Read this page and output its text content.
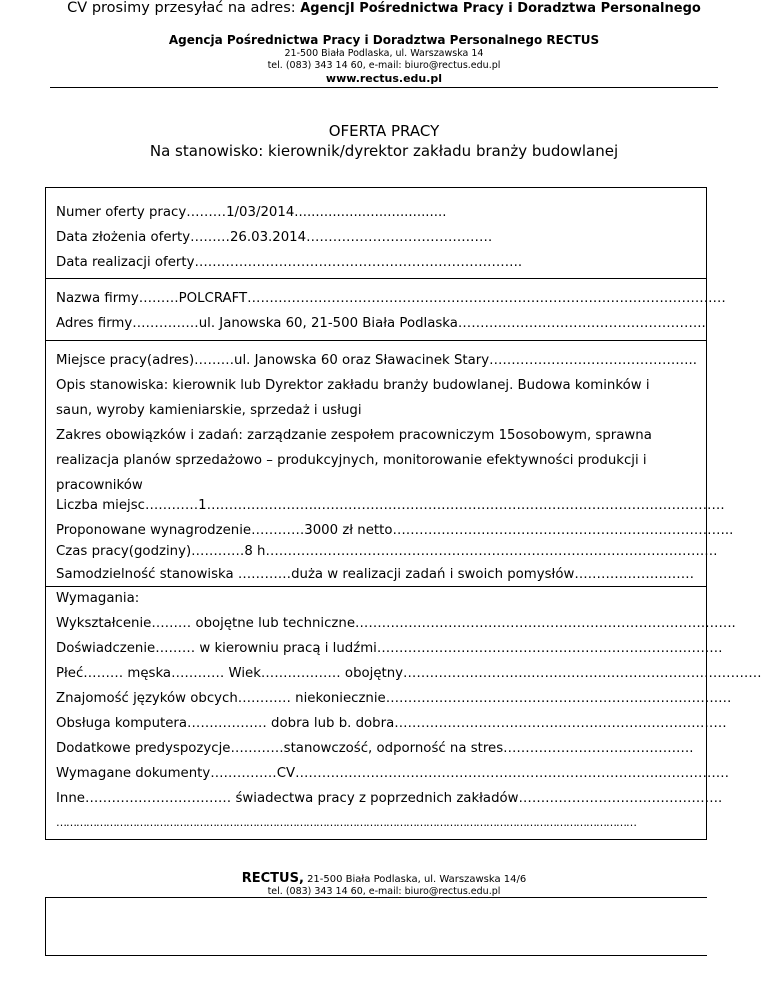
Agencja Pośrednictwa Pracy i Doradztwa Personalnego RECTUS
21-500 Biała Podlaska, ul. Warszawska 14
tel. (083) 343 14 60, e-mail: biuro@rectus.edu.pl
www.rectus.edu.pl
OFERTA PRACY
Na stanowisko: kierownik/dyrektor zakładu branży budowlanej
Numer oferty pracy………1/03/2014....................................
Data złożenia oferty………26.03.2014……………………………………
Data realizacji oferty………………………………………………………………..
Nazwa firmy………POLCRAFT………………………………………………………………………………………………
Adres firmy……………ul. Janowska 60, 21-500 Biała Podlaska………………………………………………..
Miejsce pracy(adres)………ul. Janowska 60 oraz Sławacinek Stary………………………………………..
Opis stanowiska: kierownik lub Dyrektor zakładu branży budowlanej. Budowa kominków i
saun, wyroby kamieniarskie, sprzedaż i usługi
Zakres obowiązków i zadań: zarządzanie zespołem pracowniczym 15osobowym, sprawna
realizacja planów sprzedażowo – produkcyjnych, monitorowanie efektywności produkcji i
pracowników
Liczba miejsc…………1……………………..……………………………………………………………………………….
Proponowane wynagrodzenie…………3000 zł netto…………………………………………………………………..
Czas pracy(godziny)…………8 h…………………………………………………………………………………………
Samodzielność stanowiska …………duża w realizacji zadań i swoich pomysłów………………………
Wymagania:
Wykształcenie……… obojętne lub techniczne…………………………………………………………………………..
Doświadczenie……… w kierowniu pracą i ludźmi……………………………………………………………………
Płeć……… męska………… Wiek……………… obojętny………………………..…………………………………………….
Znajomość języków obcych………… niekoniecznie……………………………………………………………………
Obsługa komputera……………… dobra lub b. dobra…………………………………………………………………
Dodatkowe predyspozycje…………stanowczość, odporność na stres…………………………………….
Wymagane dokumenty……………CV………………………………………………………………………..……………
Inne…………………………… świadectwa pracy z poprzednich zakładów……………………………………….
…………………………………………………………………………………………………………………………………………………………
CV prosimy przesyłać na adres: AgencjI Pośrednictwa Pracy i Doradztwa Personalnego
RECTUS, 21-500 Biała Podlaska, ul. Warszawska 14/6
tel. (083) 343 14 60, e-mail: biuro@rectus.edu.pl
